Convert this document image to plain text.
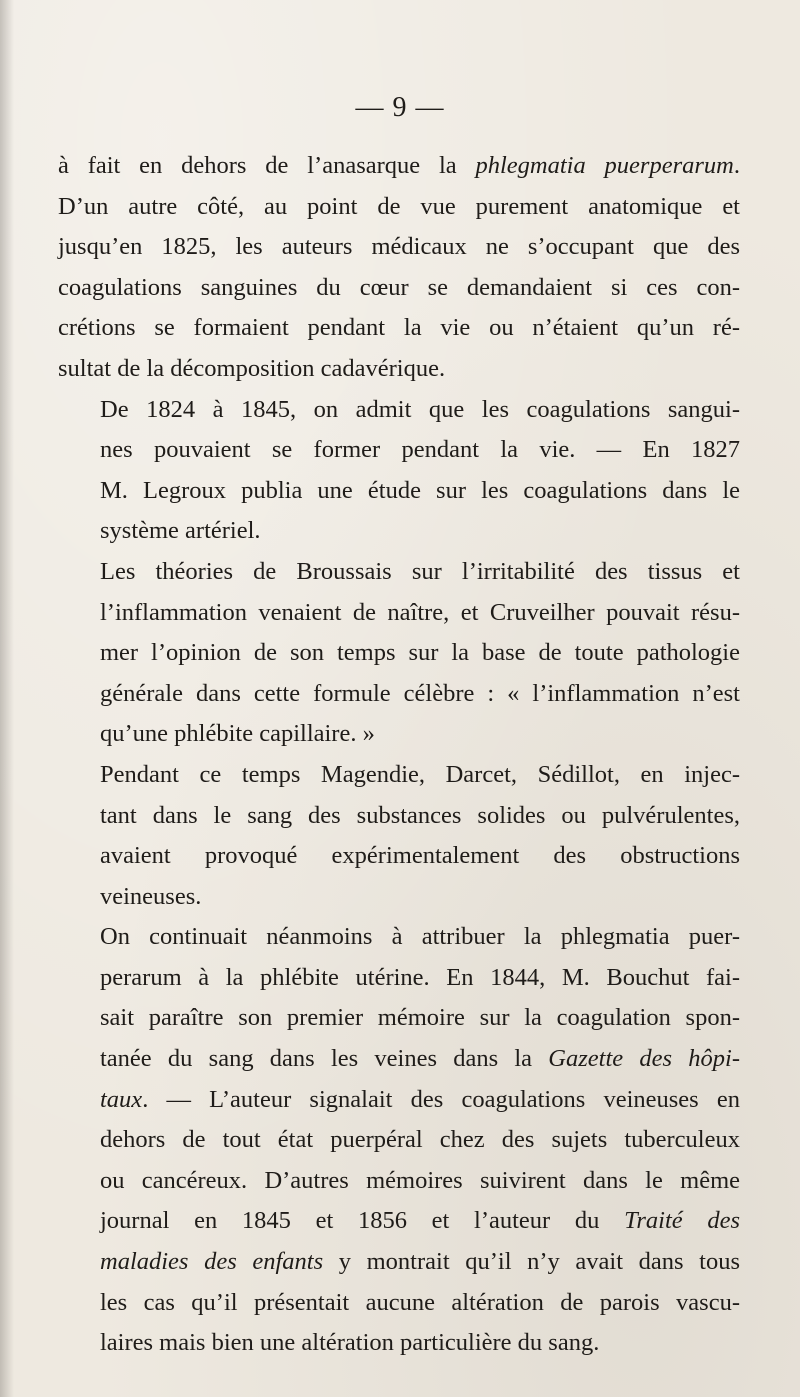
— 9 —

à fait en dehors de l’anasarque la phlegmatia puerperarum.
D’un autre côté, au point de vue purement anatomique et
jusqu’en 1825, les auteurs médicaux ne s’occupant que des
coagulations sanguines du cœur se demandaient si ces con-
crétions se formaient pendant la vie ou n’étaient qu’un ré-
sultat de la décomposition cadavérique.

De 1824 à 1845, on admit que les coagulations sangui-
nes pouvaient se former pendant la vie. — En 1827
M. Legroux publia une étude sur les coagulations dans le
système artériel.

Les théories de Broussais sur l’irritabilité des tissus et
l’inflammation venaient de naître, et Cruveilher pouvait résu-
mer l’opinion de son temps sur la base de toute pathologie
générale dans cette formule célèbre : « l’inflammation n’est
qu’une phlébite capillaire. »

Pendant ce temps Magendie, Darcet, Sédillot, en injec-
tant dans le sang des substances solides ou pulvérulentes,
avaient provoqué expérimentalement des obstructions
veineuses.

On continuait néanmoins à attribuer la phlegmatia puer-
perarum à la phlébite utérine. En 1844, M. Bouchut fai-
sait paraître son premier mémoire sur la coagulation spon-
tanée du sang dans les veines dans la Gazette des hôpi-
taux. — L’auteur signalait des coagulations veineuses en
dehors de tout état puerpéral chez des sujets tuberculeux
ou cancéreux. D’autres mémoires suivirent dans le même
journal en 1845 et 1856 et l’auteur du Traité des
maladies des enfants y montrait qu’il n’y avait dans tous
les cas qu’il présentait aucune altération de parois vascu-
laires mais bien une altération particulière du sang.
